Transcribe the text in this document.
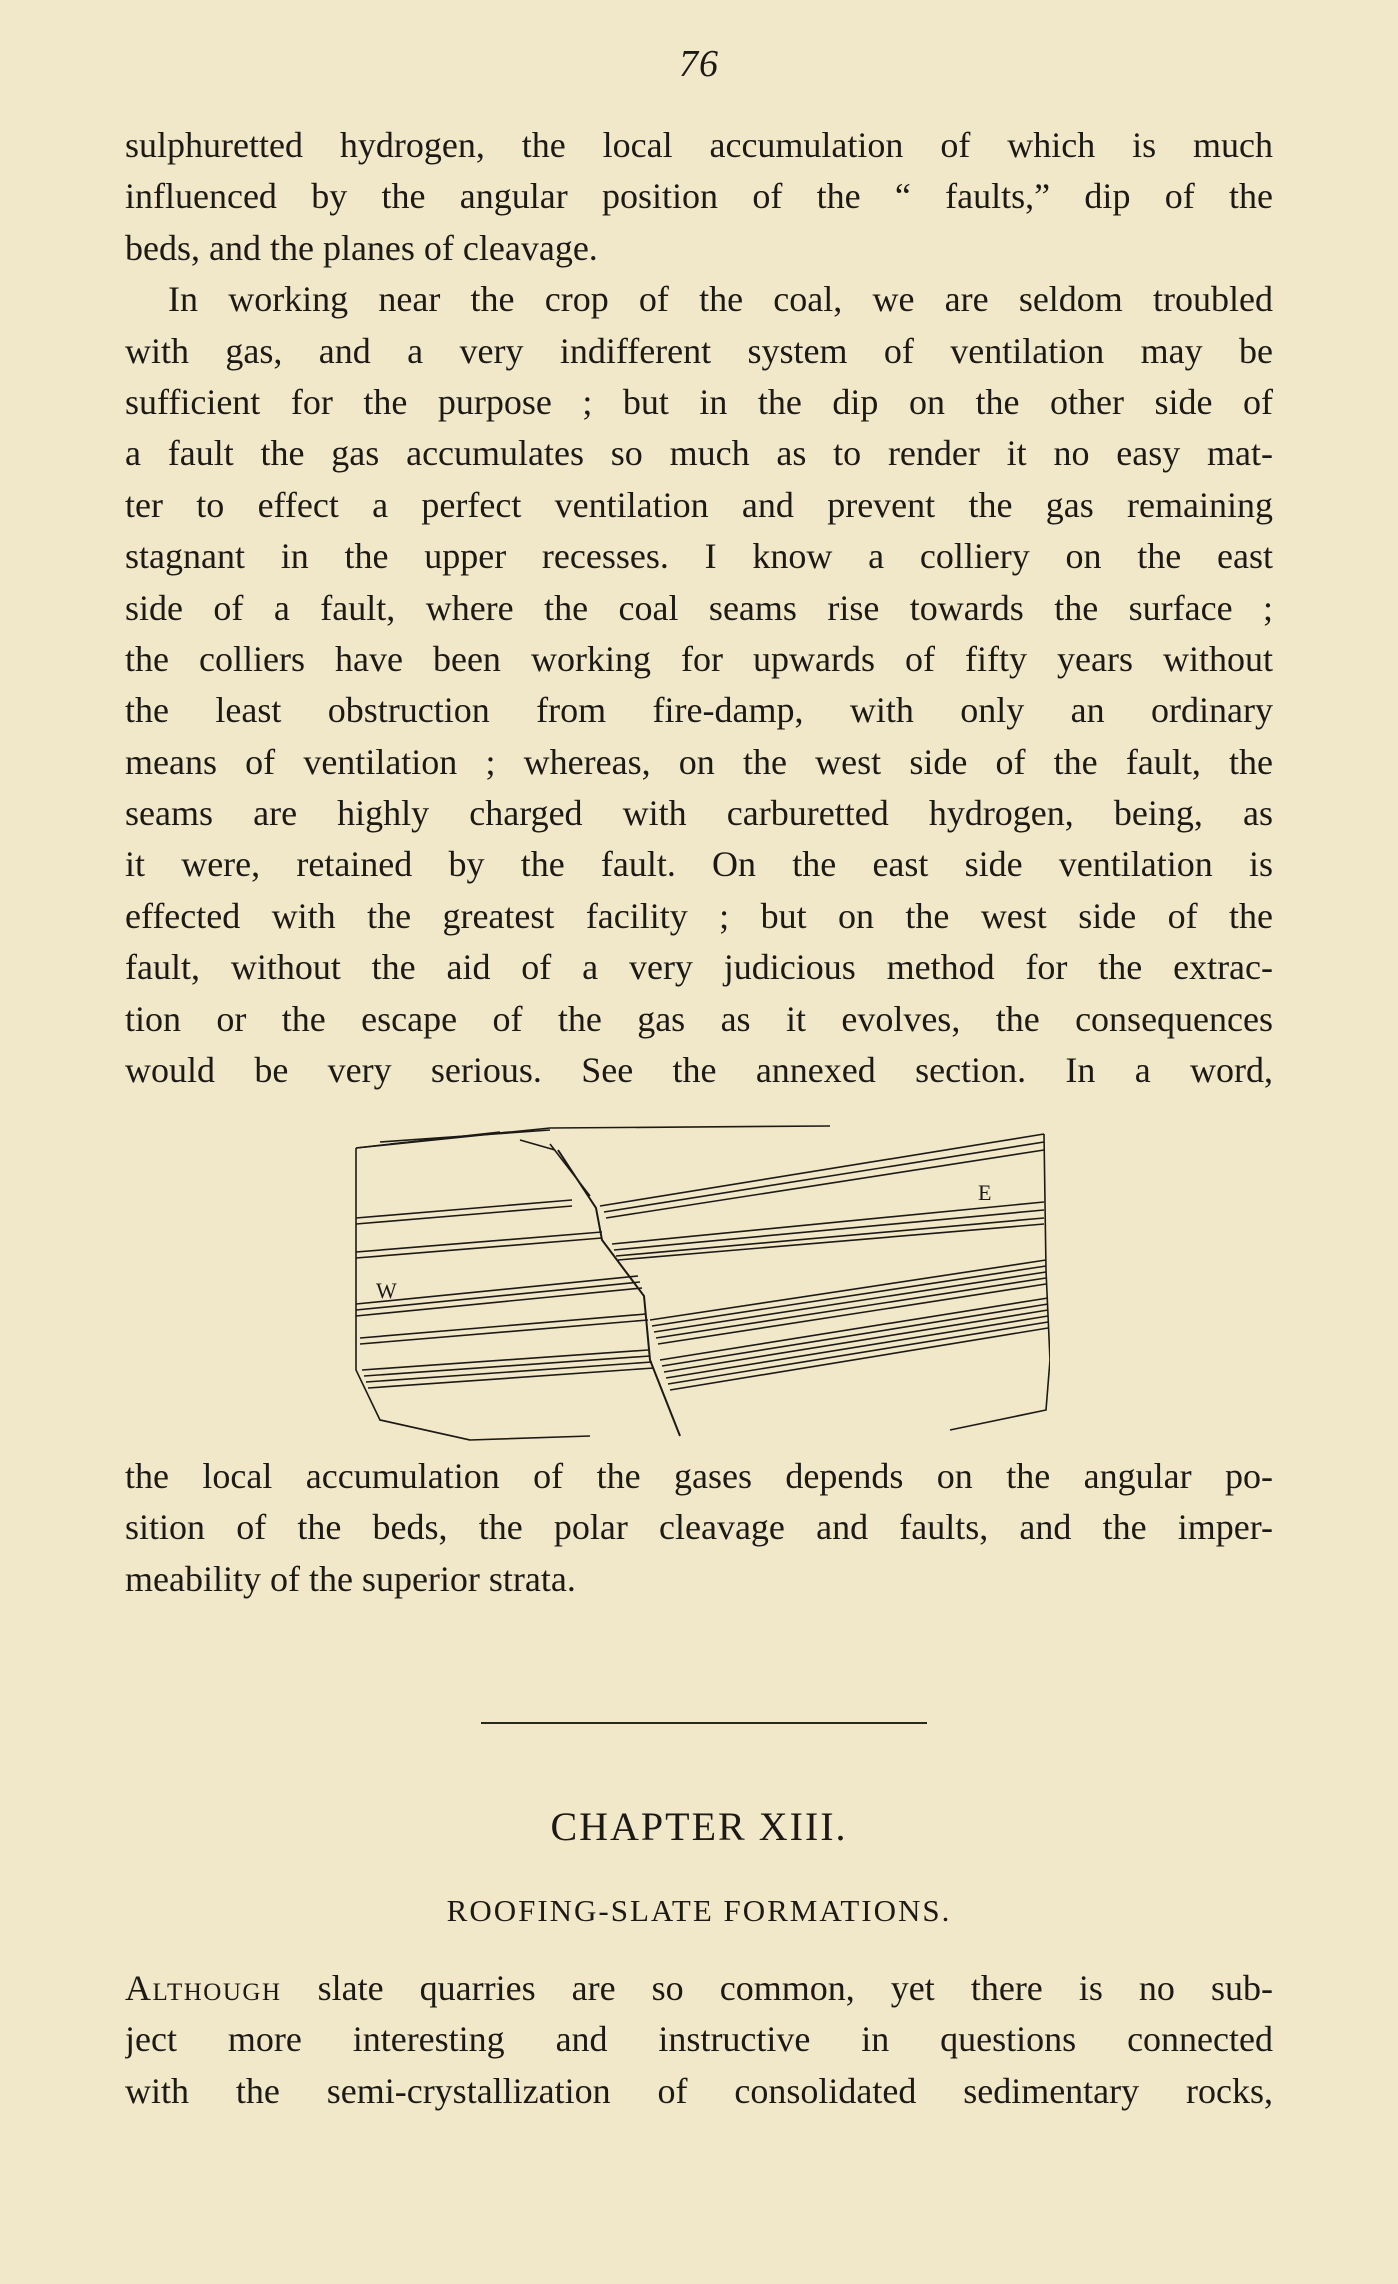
76
sulphuretted hydrogen, the local accumulation of which is much
influenced by the angular position of the “ faults,” dip of the
beds, and the planes of cleavage.
In working near the crop of the coal, we are seldom troubled
with gas, and a very indifferent system of ventilation may be
sufficient for the purpose ; but in the dip on the other side of
a fault the gas accumulates so much as to render it no easy mat-
ter to effect a perfect ventilation and prevent the gas remaining
stagnant in the upper recesses. I know a colliery on the east
side of a fault, where the coal seams rise towards the surface ;
the colliers have been working for upwards of fifty years without
the least obstruction from fire-damp, with only an ordinary
means of ventilation ; whereas, on the west side of the fault, the
seams are highly charged with carburetted hydrogen, being, as
it were, retained by the fault. On the east side ventilation is
effected with the greatest facility ; but on the west side of the
fault, without the aid of a very judicious method for the extrac-
tion or the escape of the gas as it evolves, the consequences
would be very serious. See the annexed section. In a word,
E
W
the local accumulation of the gases depends on the angular po-
sition of the beds, the polar cleavage and faults, and the imper-
meability of the superior strata.
CHAPTER XIII.
ROOFING-SLATE FORMATIONS.
Although slate quarries are so common, yet there is no sub-
ject more interesting and instructive in questions connected
with the semi-crystallization of consolidated sedimentary rocks,
